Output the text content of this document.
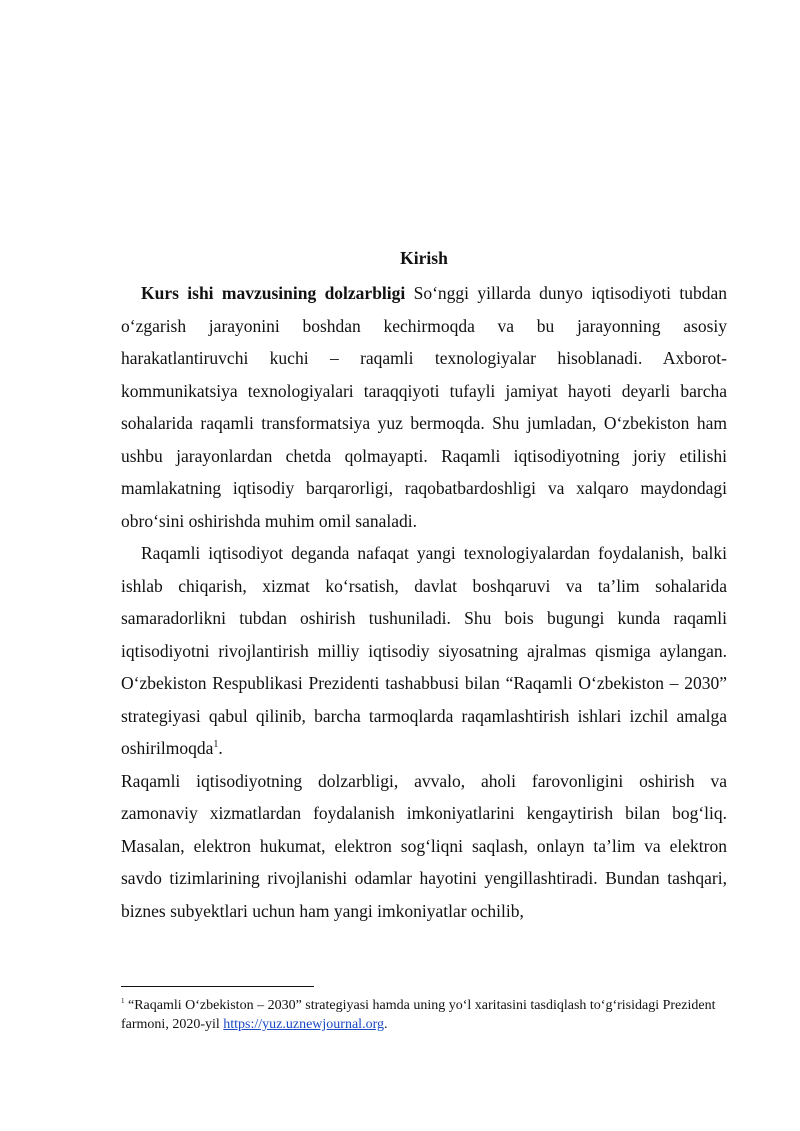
Kirish

Kurs ishi mavzusining dolzarbligi So‘nggi yillarda dunyo iqtisodiyoti tubdan o‘zgarish jarayonini boshdan kechirmoqda va bu jarayonning asosiy harakatlantiruvchi kuchi – raqamli texnologiyalar hisoblanadi. Axborot-kommunikatsiya texnologiyalari taraqqiyoti tufayli jamiyat hayoti deyarli barcha sohalarida raqamli transformatsiya yuz bermoqda. Shu jumladan, O‘zbekiston ham ushbu jarayonlardan chetda qolmayapti. Raqamli iqtisodiyotning joriy etilishi mamlakatning iqtisodiy barqarorligi, raqobatbardoshligi va xalqaro maydondagi obro‘sini oshirishda muhim omil sanaladi.

Raqamli iqtisodiyot deganda nafaqat yangi texnologiyalardan foydalanish, balki ishlab chiqarish, xizmat ko‘rsatish, davlat boshqaruvi va ta’lim sohalarida samaradorlikni tubdan oshirish tushuniladi. Shu bois bugungi kunda raqamli iqtisodiyotni rivojlantirish milliy iqtisodiy siyosatning ajralmas qismiga aylangan. O‘zbekiston Respublikasi Prezidenti tashabbusi bilan “Raqamli O‘zbekiston – 2030” strategiyasi qabul qilinib, barcha tarmoqlarda raqamlashtirish ishlari izchil amalga oshirilmoqda$^1$.

Raqamli iqtisodiyotning dolzarbligi, avvalo, aholi farovonligini oshirish va zamonaviy xizmatlardan foydalanish imkoniyatlarini kengaytirish bilan bog‘liq. Masalan, elektron hukumat, elektron sog‘liqni saqlash, onlayn ta’lim va elektron savdo tizimlarining rivojlanishi odamlar hayotini yengillashtiradi. Bundan tashqari, biznes subyektlari uchun ham yangi imkoniyatlar ochilib,

$^1$ “Raqamli O‘zbekiston – 2030” strategiyasi hamda uning yo‘l xaritasini tasdiqlash to‘g‘risidagi Prezident farmoni, 2020-yil https://yuz.uznewjournal.org.
